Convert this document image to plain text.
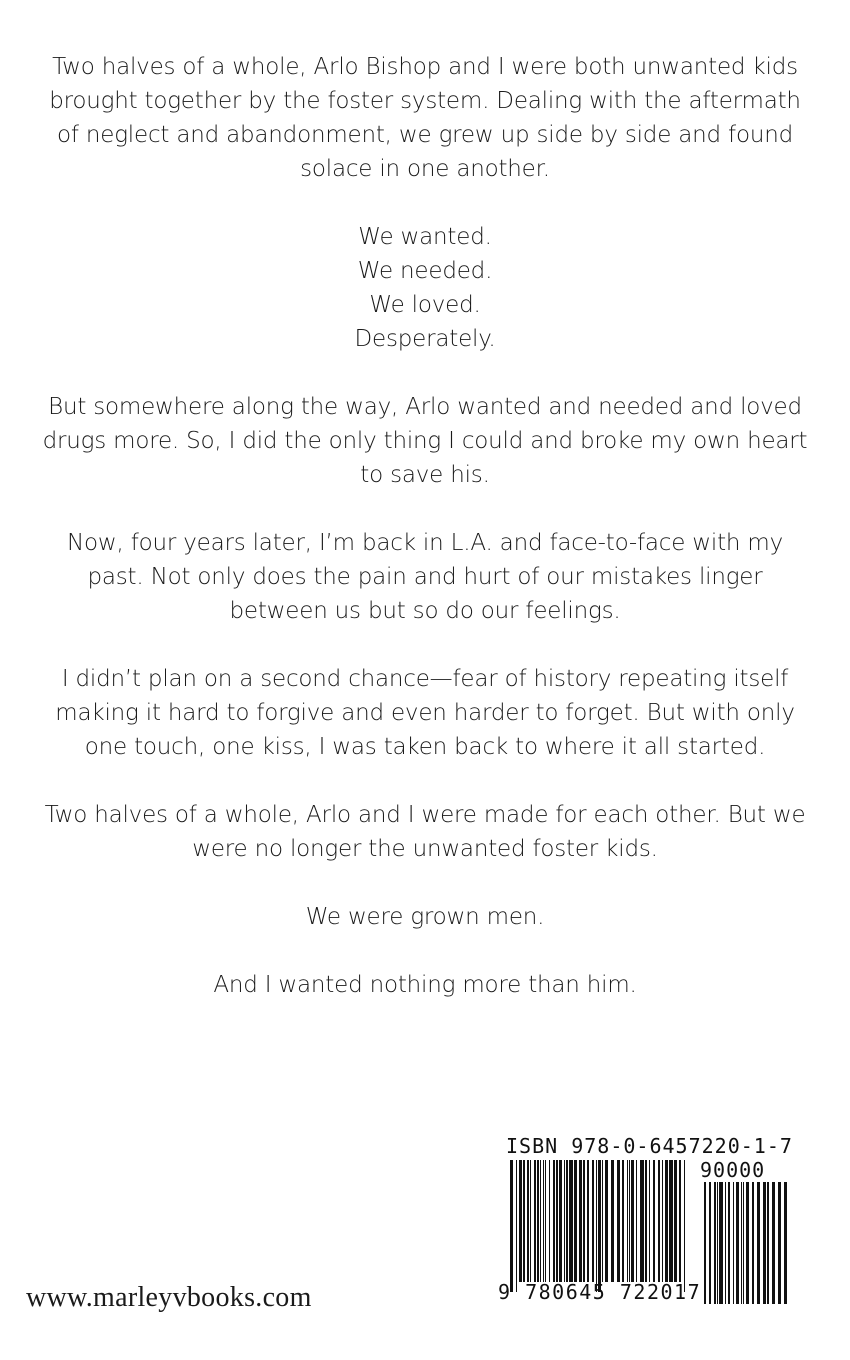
Two halves of a whole, Arlo Bishop and I were both unwanted kids brought together by the foster system. Dealing with the aftermath of neglect and abandonment, we grew up side by side and found solace in one another.

We wanted.
We needed.
We loved.
Desperately.

But somewhere along the way, Arlo wanted and needed and loved drugs more. So, I did the only thing I could and broke my own heart to save his.

Now, four years later, I’m back in L.A. and face-to-face with my past. Not only does the pain and hurt of our mistakes linger between us but so do our feelings.

I didn’t plan on a second chance—fear of history repeating itself making it hard to forgive and even harder to forget. But with only one touch, one kiss, I was taken back to where it all started.

Two halves of a whole, Arlo and I were made for each other. But we were no longer the unwanted foster kids.

We were grown men.

And I wanted nothing more than him.

www.marleyvbooks.com
ISBN 978-0-6457220-1-7
90000
9 780645 722017
